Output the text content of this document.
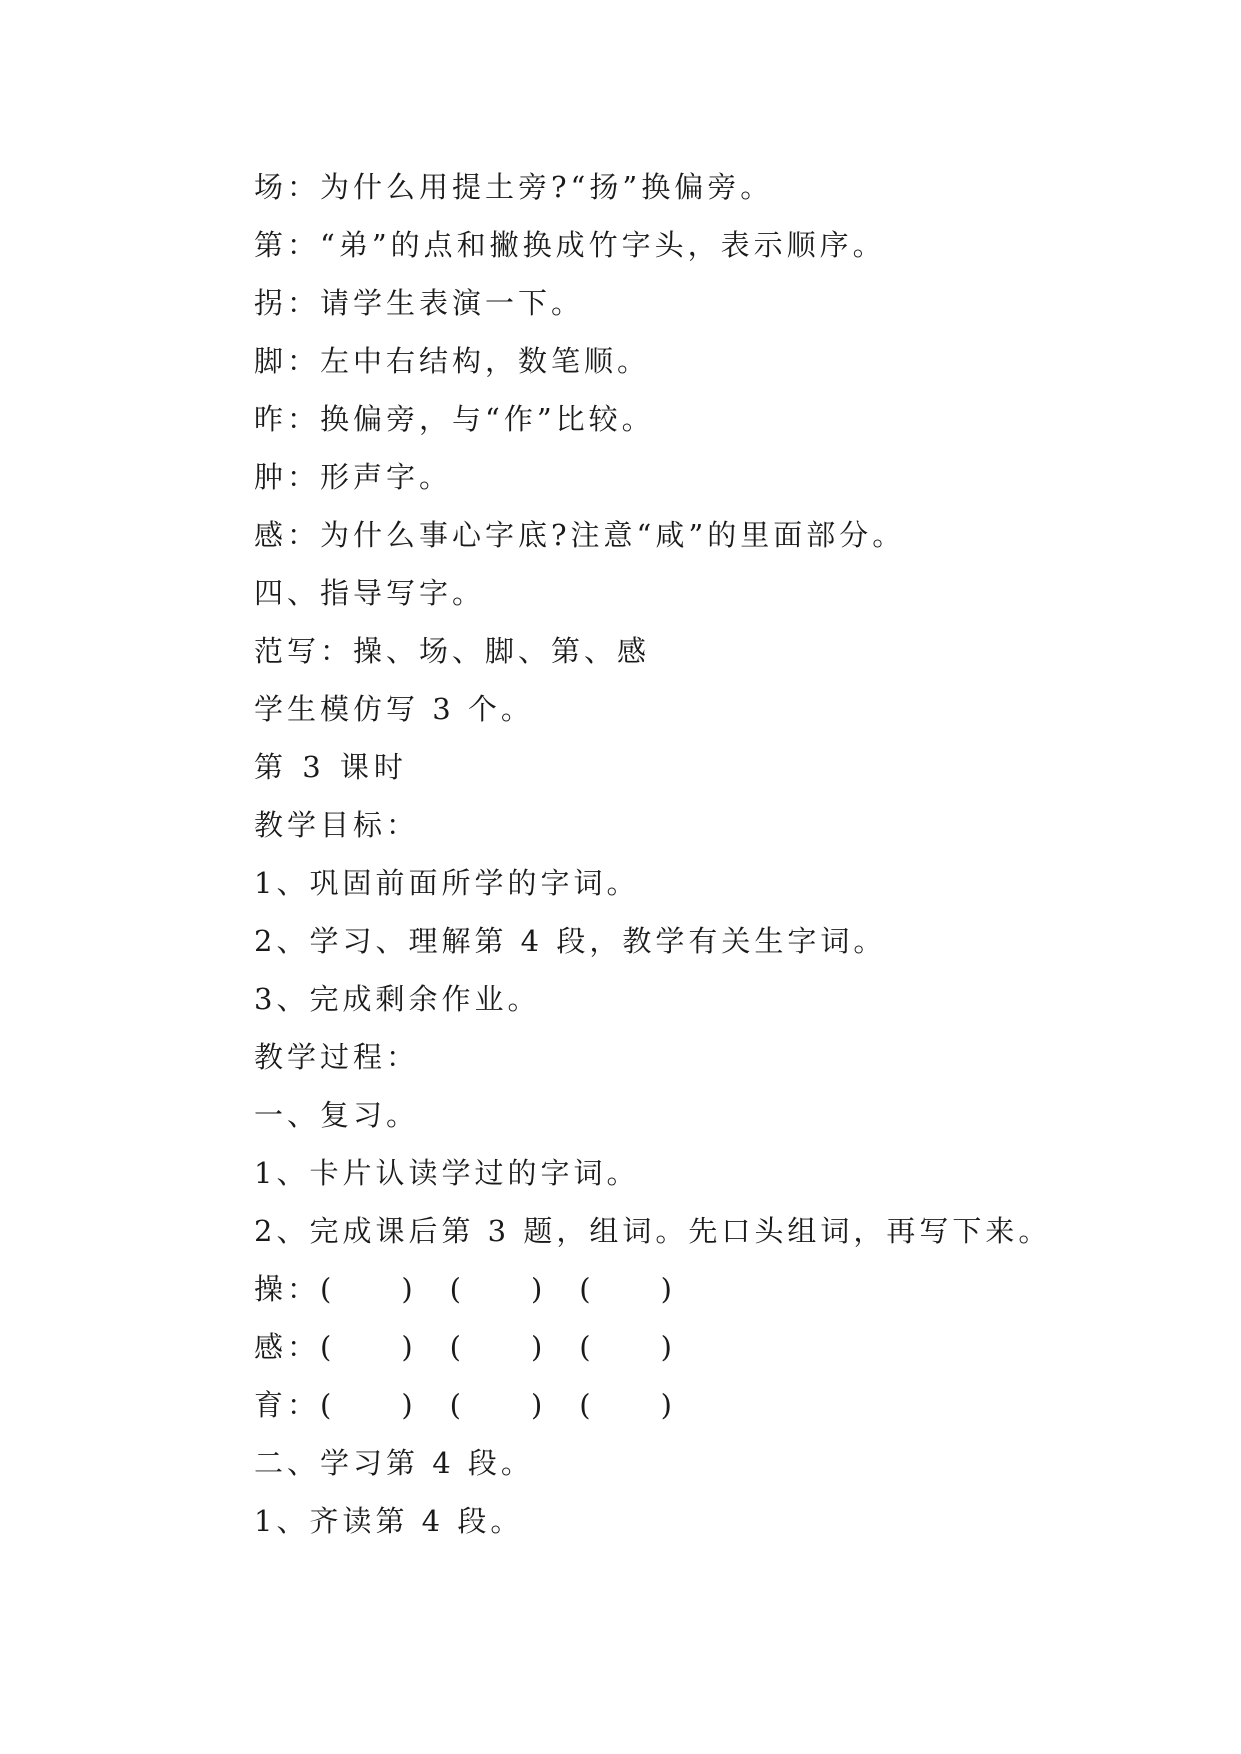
场：为什么用提土旁?“扬”换偏旁。
第：“弟”的点和撇换成竹字头，表示顺序。
拐：请学生表演一下。
脚：左中右结构，数笔顺。
昨：换偏旁，与“作”比较。
肿：形声字。
感：为什么事心字底?注意“咸”的里面部分。
四、指导写字。
范写：操、场、脚、第、感
学生模仿写 3 个。
第 3 课时
教学目标：
1、巩固前面所学的字词。
2、学习、理解第 4 段，教学有关生字词。
3、完成剩余作业。
教学过程：
一、复习。
1、卡片认读学过的字词。
2、完成课后第 3 题，组词。先口头组词，再写下来。
操：(　　)　(　　)　(　　)
感：(　　)　(　　)　(　　)
育：(　　)　(　　)　(　　)
二、学习第 4 段。
1、齐读第 4 段。
